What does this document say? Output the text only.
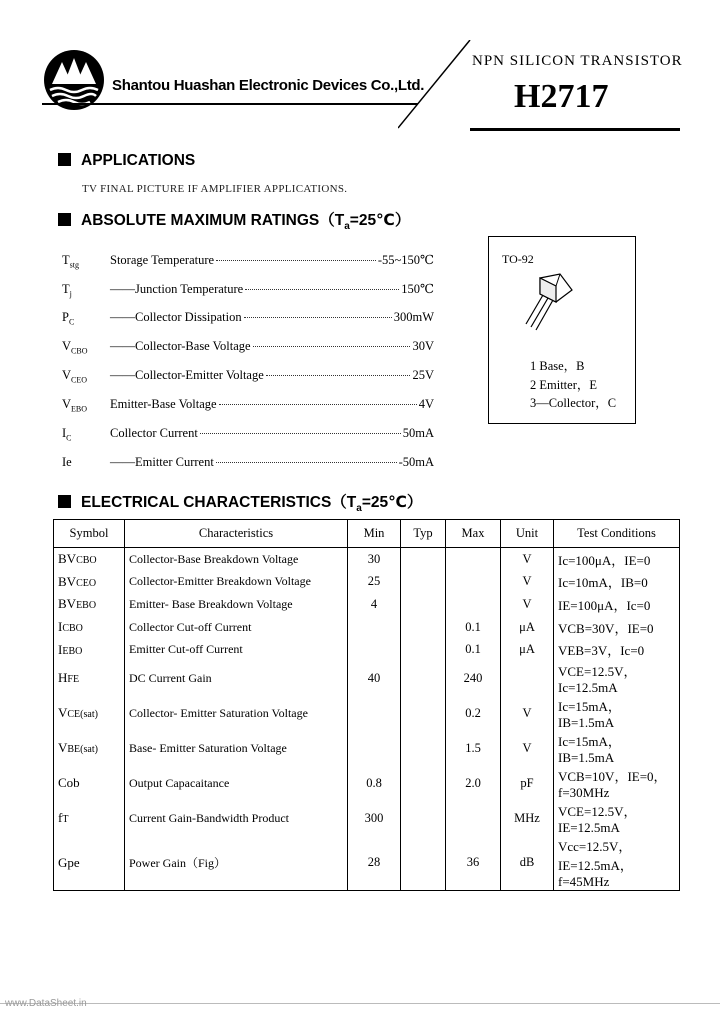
Shantou Huashan Electronic Devices Co.,Ltd.
NPN SILICON TRANSISTOR
H2717
APPLICATIONS
TV FINAL PICTURE IF AMPLIFIER APPLICATIONS.
ABSOLUTE MAXIMUM $RATINGS(T_a=25℃)$
$T_{stg}$	Storage Temperature	-55~150℃
$T_j$	——Junction Temperature	150℃
$P_C$	——Collector Dissipation	300mW
$V_{CBO}$	——Collector-Base Voltage	30V
$V_{CEO}$	——Collector-Emitter Voltage	25V
$V_{EBO}$	Emitter-Base Voltage	4V
$I_C$	Collector Current	50mA
Ie	——Emitter Current	-50mA
TO-92
1 Base，B
2 Emitter，E
3—Collector，C
ELECTRICAL $CHARACTERISTICS(T_a=25℃)$
Symbol	Characteristics	Min	Typ	Max	Unit	Test Conditions
BVCBO	Collector-Base Breakdown Voltage	30			V	Ic=100μA，IE=0
BVCEO	Collector-Emitter Breakdown Voltage	25			V	Ic=10mA，IB=0
BVEBO	Emitter- Base Breakdown Voltage	4			V	IE=100μA，Ic=0
ICBO	Collector Cut-off Current			0.1	μA	VCB=30V，IE=0
IEBO	Emitter Cut-off Current			0.1	μA	VEB=3V，Ic=0
HFE	DC Current Gain	40		240		VCE=12.5V，Ic=12.5mA
VCE(sat)	Collector- Emitter Saturation Voltage			0.2	V	Ic=15mA，IB=1.5mA
VBE(sat)	Base- Emitter Saturation Voltage			1.5	V	Ic=15mA，IB=1.5mA
Cob	Output Capacaitance	0.8		2.0	pF	VCB=10V，IE=0，f=30MHz
fT	Current Gain-Bandwidth Product	300			MHz	VCE=12.5V，IE=12.5mA
Gpe	Power Gain（Fig）	28		36	dB	Vcc=12.5V，IE=12.5mA，f=45MHz
www.DataSheet.in
